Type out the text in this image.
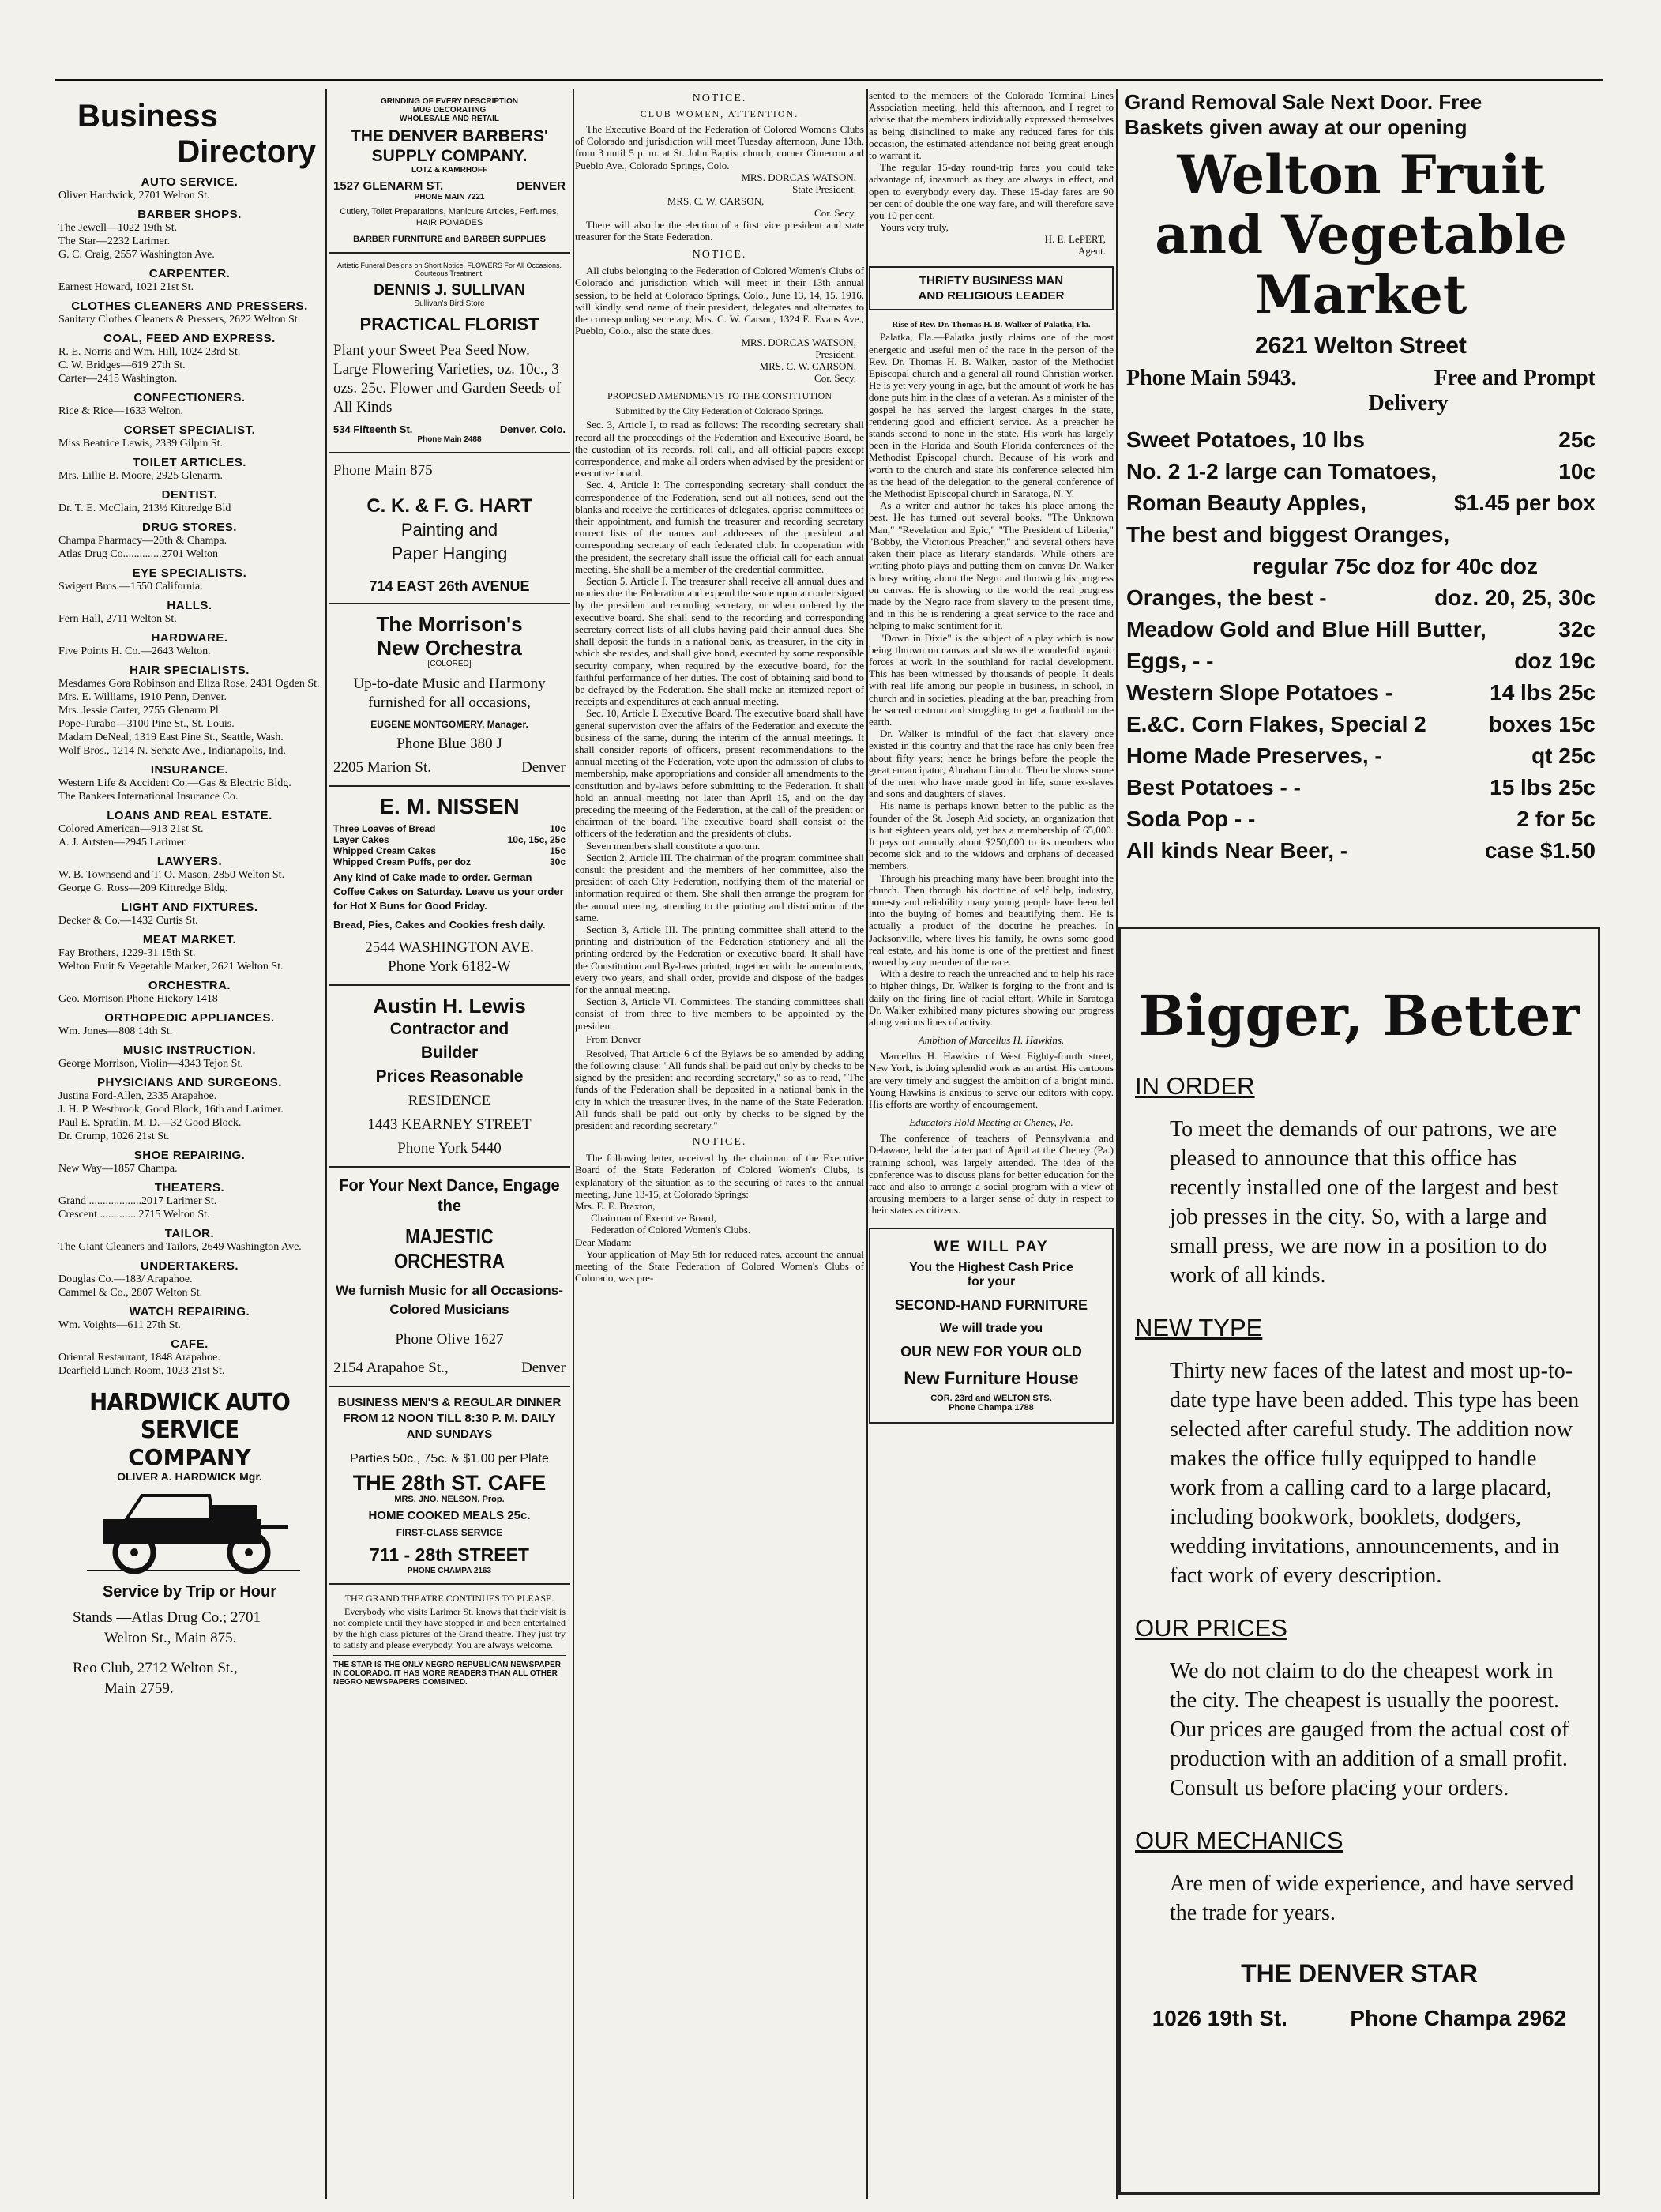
Business
Directory
AUTO SERVICE.
Oliver Hardwick, 2701 Welton St.
BARBER SHOPS.
The Jewell—1022 19th St.
The Star—2232 Larimer.
G. C. Craig, 2557 Washington Ave.
CARPENTER.
Earnest Howard, 1021 21st St.
CLOTHES CLEANERS AND PRESSERS.
Sanitary Clothes Cleaners & Pressers, 2622 Welton St.
COAL, FEED AND EXPRESS.
R. E. Norris and Wm. Hill, 1024 23rd St.
C. W. Bridges—619 27th St.
Carter—2415 Washington.
CONFECTIONERS.
Rice & Rice—1633 Welton.
CORSET SPECIALIST.
Miss Beatrice Lewis, 2339 Gilpin St.
TOILET ARTICLES.
Mrs. Lillie B. Moore, 2925 Glenarm.
DENTIST.
Dr. T. E. McClain, 213½ Kittredge Bld
DRUG STORES.
Champa Pharmacy—20th & Champa.
Atlas Drug Co..............2701 Welton
EYE SPECIALISTS.
Swigert Bros.—1550 California.
HALLS.
Fern Hall, 2711 Welton St.
HARDWARE.
Five Points H. Co.—2643 Welton.
HAIR SPECIALISTS.
Mesdames Gora Robinson and Eliza Rose, 2431 Ogden St.
Mrs. E. Williams, 1910 Penn, Denver.
Mrs. Jessie Carter, 2755 Glenarm Pl.
Pope-Turabo—3100 Pine St., St. Louis.
Madam DeNeal, 1319 East Pine St., Seattle, Wash.
Wolf Bros., 1214 N. Senate Ave., Indianapolis, Ind.
INSURANCE.
Western Life & Accident Co.—Gas & Electric Bldg.
The Bankers International Insurance Co.
LOANS AND REAL ESTATE.
Colored American—913 21st St.
A. J. Artsten—2945 Larimer.
LAWYERS.
W. B. Townsend and T. O. Mason, 2850 Welton St.
George G. Ross—209 Kittredge Bldg.
LIGHT AND FIXTURES.
Decker & Co.—1432 Curtis St.
MEAT MARKET.
Fay Brothers, 1229-31 15th St.
Welton Fruit & Vegetable Market, 2621 Welton St.
ORCHESTRA.
Geo. Morrison Phone Hickory 1418
ORTHOPEDIC APPLIANCES.
Wm. Jones—808 14th St.
MUSIC INSTRUCTION.
George Morrison, Violin—4343 Tejon St.
PHYSICIANS AND SURGEONS.
Justina Ford-Allen, 2335 Arapahoe.
J. H. P. Westbrook, Good Block, 16th and Larimer.
Paul E. Spratlin, M. D.—32 Good Block.
Dr. Crump, 1026 21st St.
SHOE REPAIRING.
New Way—1857 Champa.
THEATERS.
Grand ...................2017 Larimer St.
Crescent ..............2715 Welton St.
TAILOR.
The Giant Cleaners and Tailors, 2649 Washington Ave.
UNDERTAKERS.
Douglas Co.—183/ Arapahoe.
Cammel & Co., 2807 Welton St.
WATCH REPAIRING.
Wm. Voights—611 27th St.
CAFE.
Oriental Restaurant, 1848 Arapahoe.
Dearfield Lunch Room, 1023 21st St.
HARDWICK AUTO SERVICE
COMPANY
OLIVER A. HARDWICK Mgr.
Service by Trip or Hour
Stands —Atlas Drug Co.; 2701
Welton St., Main 875.
Reo Club, 2712 Welton St.,
Main 2759.
GRINDING OF EVERY DESCRIPTION
MUG DECORATING
WHOLESALE AND RETAIL
THE DENVER BARBERS' SUPPLY COMPANY.
LOTZ & KAMRHOFF
1527 GLENARM ST.	DENVER
PHONE MAIN 7221
Cutlery, Toilet Preparations, Manicure Articles, Perfumes, HAIR POMADES
BARBER FURNITURE and BARBER SUPPLIES
Artistic Funeral Designs on Short Notice. FLOWERS For All Occasions. Courteous Treatment.
DENNIS J. SULLIVAN
Sullivan's Bird Store
PRACTICAL FLORIST
Plant your Sweet Pea Seed Now. Large Flowering Varieties, oz. 10c., 3 ozs. 25c. Flower and Garden Seeds of All Kinds
534 Fifteenth St.	Denver, Colo.
Phone Main 2488
Phone Main 875
C. K. & F. G. HART
Painting and
Paper Hanging
714 EAST 26th AVENUE
The Morrison's
New Orchestra
[COLORED]
Up-to-date Music and Harmony furnished for all occasions,
EUGENE MONTGOMERY, Manager.
Phone Blue 380 J
2205 Marion St.	Denver
E. M. NISSEN
Three Loaves of Bread	10c
Layer Cakes	10c, 15c, 25c
Whipped Cream Cakes	15c
Whipped Cream Puffs, per doz	30c
Any kind of Cake made to order. German Coffee Cakes on Saturday. Leave us your order for Hot X Buns for Good Friday.
Bread, Pies, Cakes and Cookies fresh daily.
2544 WASHINGTON AVE.
Phone York 6182-W
Austin H. Lewis
Contractor and
Builder
Prices Reasonable
RESIDENCE
1443 KEARNEY STREET
Phone York 5440
For Your Next Dance, Engage the
MAJESTIC ORCHESTRA
We furnish Music for all Occasions-Colored Musicians
Phone Olive 1627
2154 Arapahoe St.,	Denver
BUSINESS MEN'S & REGULAR DINNER FROM 12 NOON TILL 8:30 P. M. DAILY AND SUNDAYS
Parties 50c., 75c. & $1.00 per Plate
THE 28th ST. CAFE
MRS. JNO. NELSON, Prop.
HOME COOKED MEALS 25c.
FIRST-CLASS SERVICE
711 - 28th STREET
PHONE CHAMPA 2163
THE GRAND THEATRE CONTINUES TO PLEASE.

Everybody who visits Larimer St. knows that their visit is not complete until they have stopped in and been entertained by the high class pictures of the Grand theatre. They just try to satisfy and please everybody. You are always welcome.

THE STAR IS THE ONLY NEGRO REPUBLICAN NEWSPAPER IN COLORADO. IT HAS MORE READERS THAN ALL OTHER NEGRO NEWSPAPERS COMBINED.
NOTICE.
CLUB WOMEN, ATTENTION.

The Executive Board of the Federation of Colored Women's Clubs of Colorado and jurisdiction will meet Tuesday afternoon, June 13th, from 3 until 5 p. m. at St. John Baptist church, corner Cimerron and Pueblo Ave., Colorado Springs, Colo.

MRS. DORCAS WATSON,
State President.
MRS. C. W. CARSON,
Cor. Secy.

There will also be the election of a first vice president and state treasurer for the State Federation.

NOTICE.

All clubs belonging to the Federation of Colored Women's Clubs of Colorado and jurisdiction which will meet in their 13th annual session, to be held at Colorado Springs, Colo., June 13, 14, 15, 1916, will kindly send name of their president, delegates and alternates to the corresponding secretary, Mrs. C. W. Carson, 1324 E. Evans Ave., Pueblo, Colo., also the state dues.

MRS. DORCAS WATSON,
President.
MRS. C. W. CARSON,
Cor. Secy.
PROPOSED AMENDMENTS TO THE CONSTITUTION
Submitted by the City Federation of Colorado Springs.

Sec. 3, Article I, to read as follows: The recording secretary shall record all the proceedings of the Federation and Executive Board, be the custodian of its records, roll call, and all official papers except correspondence, and make all orders when advised by the president or executive board.

Sec. 4, Article I: The corresponding secretary shall conduct the correspondence of the Federation, send out all notices, send out the blanks and receive the certificates of delegates, apprise committees of their appointment, and furnish the treasurer and recording secretary correct lists of the names and addresses of the president and corresponding secretary of each federated club. In cooperation with the president, the secretary shall issue the official call for each annual meeting. She shall be a member of the credential committee.

Section 5, Article I. The treasurer shall receive all annual dues and monies due the Federation and expend the same upon an order signed by the president and recording secretary, or when ordered by the executive board. She shall send to the recording and corresponding secretary correct lists of all clubs having paid their annual dues. She shall deposit the funds in a national bank, as treasurer, in the city in which she resides, and shall give bond, executed by some responsible security company, when required by the executive board, for the faithful performance of her duties. The cost of obtaining said bond to be defrayed by the Federation. She shall make an itemized report of receipts and expenditures at each annual meeting.

Sec. 10, Article I. Executive Board. The executive board shall have general supervision over the affairs of the Federation and execute the business of the same, during the interim of the annual meetings. It shall consider reports of officers, present recommendations to the annual meeting of the Federation, vote upon the admission of clubs to membership, make appropriations and consider all amendments to the constitution and by-laws before submitting to the Federation. It shall hold an annual meeting not later than April 15, and on the day preceding the meeting of the Federation, at the call of the president or chairman of the board. The executive board shall consist of the officers of the federation and the presidents of clubs.

Seven members shall constitute a quorum.

Section 2, Article III. The chairman of the program committee shall consult the president and the members of her committee, also the president of each City Federation, notifying them of the material or information required of them. She shall then arrange the program for the annual meeting, attending to the printing and distribution of the same.

Section 3, Article III. The printing committee shall attend to the printing and distribution of the Federation stationery and all the printing ordered by the Federation or executive board. It shall have the Constitution and By-laws printed, together with the amendments, every two years, and shall order, provide and dispose of the badges for the annual meeting.

Section 3, Article VI. Committees. The standing committees shall consist of from three to five members to be appointed by the president.

From Denver

Resolved, That Article 6 of the Bylaws be so amended by adding the following clause: "All funds shall be paid out only by checks to be signed by the president and recording secretary," so as to read, "The funds of the Federation shall be deposited in a national bank in the city in which the treasurer lives, in the name of the State Federation. All funds shall be paid out only by checks to be signed by the president and recording secretary."

NOTICE.

The following letter, received by the chairman of the Executive Board of the State Federation of Colored Women's Clubs, is explanatory of the situation as to the securing of rates to the annual meeting, June 13-15, at Colorado Springs:

Mrs. E. E. Braxton,
Chairman of Executive Board,
Federation of Colored Women's Clubs.
Dear Madam:

Your application of May 5th for reduced rates, account the annual meeting of the State Federation of Colored Women's Clubs of Colorado, was pre-

sented to the members of the Colorado Terminal Lines Association meeting, held this afternoon, and I regret to advise that the members individually expressed themselves as being disinclined to make any reduced fares for this occasion, the estimated attendance not being great enough to warrant it.

The regular 15-day round-trip fares you could take advantage of, inasmuch as they are always in effect, and open to everybody every day. These 15-day fares are 90 per cent of double the one way fare, and will therefore save you 10 per cent.

Yours very truly,
H. E. LePERT,
Agent.
THRIFTY BUSINESS MAN
AND RELIGIOUS LEADER
Rise of Rev. Dr. Thomas H. B. Walker of Palatka, Fla.

Palatka, Fla.—Palatka justly claims one of the most energetic and useful men of the race in the person of the Rev. Dr. Thomas H. B. Walker, pastor of the Methodist Episcopal church and a general all round Christian worker. He is yet very young in age, but the amount of work he has done puts him in the class of a veteran. As a minister of the gospel he has served the largest charges in the state, rendering good and efficient service. As a preacher he stands second to none in the state. His work has largely been in the Florida and South Florida conferences of the Methodist Episcopal church. Because of his work and worth to the church and state his conference selected him as the head of the delegation to the general conference of the Methodist Episcopal church in Saratoga, N. Y.

As a writer and author he takes his place among the best. He has turned out several books. "The Unknown Man," "Revelation and Epic," "The President of Liberia," "Bobby, the Victorious Preacher," and several others have taken their place as literary standards. While others are writing photo plays and putting them on canvas Dr. Walker is busy writing about the Negro and throwing his progress on canvas. He is showing to the world the real progress made by the Negro race from slavery to the present time, and in this he is rendering a great service to the race and helping to make sentiment for it.

"Down in Dixie" is the subject of a play which is now being thrown on canvas and shows the wonderful organic forces at work in the southland for racial development. This has been witnessed by thousands of people. It deals with real life among our people in business, in school, in church and in societies, pleading at the bar, preaching from the sacred rostrum and struggling to get a foothold on the earth.

Dr. Walker is mindful of the fact that slavery once existed in this country and that the race has only been free about fifty years; hence he brings before the people the great emancipator, Abraham Lincoln. Then he shows some of the men who have made good in life, some ex-slaves and sons and daughters of slaves.

His name is perhaps known better to the public as the founder of the St. Joseph Aid society, an organization that is but eighteen years old, yet has a membership of 65,000. It pays out annually about $250,000 to its members who become sick and to the widows and orphans of deceased members.

Through his preaching many have been brought into the church. Then through his doctrine of self help, industry, honesty and reliability many young people have been led into the buying of homes and beautifying them. He is actually a product of the doctrine he preaches. In Jacksonville, where lives his family, he owns some good real estate, and his home is one of the prettiest and finest owned by any member of the race.

With a desire to reach the unreached and to help his race to higher things, Dr. Walker is forging to the front and is daily on the firing line of racial effort. While in Saratoga Dr. Walker exhibited many pictures showing our progress along various lines of activity.

Ambition of Marcellus H. Hawkins.

Marcellus H. Hawkins of West Eighty-fourth street, New York, is doing splendid work as an artist. His cartoons are very timely and suggest the ambition of a bright mind. Young Hawkins is anxious to serve our editors with copy. His efforts are worthy of encouragement.

Educators Hold Meeting at Cheney, Pa.

The conference of teachers of Pennsylvania and Delaware, held the latter part of April at the Cheney (Pa.) training school, was largely attended. The idea of the conference was to discuss plans for better education for the race and also to arrange a social program with a view of arousing members to a larger sense of duty in respect to their states as citizens.

WE WILL PAY
You the Highest Cash Price
for your
SECOND-HAND FURNITURE
We will trade you
OUR NEW FOR YOUR OLD
New Furniture House
COR. 23rd and WELTON STS.
Phone Champa 1788
Grand Removal Sale Next Door. Free
Baskets given away at our opening
Welton Fruit
and Vegetable
Market
2621 Welton Street
Phone Main 5943.	Free and Prompt
Delivery
Sweet Potatoes, 10 lbs	25c
No. 2 1-2 large can Tomatoes,	10c
Roman Beauty Apples,	$1.45 per box
The best and biggest Oranges,
regular 75c doz for 40c doz
Oranges, the best -	doz. 20, 25, 30c
Meadow Gold and Blue Hill Butter,	32c
Eggs, - -	doz 19c
Western Slope Potatoes -	14 lbs 25c
E.&C. Corn Flakes, Special 2	boxes 15c
Home Made Preserves, -	qt 25c
Best Potatoes - -	15 lbs 25c
Soda Pop - -	2 for 5c
All kinds Near Beer, -	case $1.50
Bigger, Better
IN ORDER
To meet the demands of our patrons, we are pleased to announce that this office has recently installed one of the largest and best job presses in the city. So, with a large and small press, we are now in a position to do work of all kinds.
NEW TYPE
Thirty new faces of the latest and most up-to-date type have been added. This type has been selected after careful study. The addition now makes the office fully equipped to handle work from a calling card to a large placard, including bookwork, booklets, dodgers, wedding invitations, announcements, and in fact work of every description.
OUR PRICES
We do not claim to do the cheapest work in the city. The cheapest is usually the poorest. Our prices are gauged from the actual cost of production with an addition of a small profit. Consult us before placing your orders.
OUR MECHANICS
Are men of wide experience, and have served the trade for years.
THE DENVER STAR
1026 19th St.	Phone Champa 2962
